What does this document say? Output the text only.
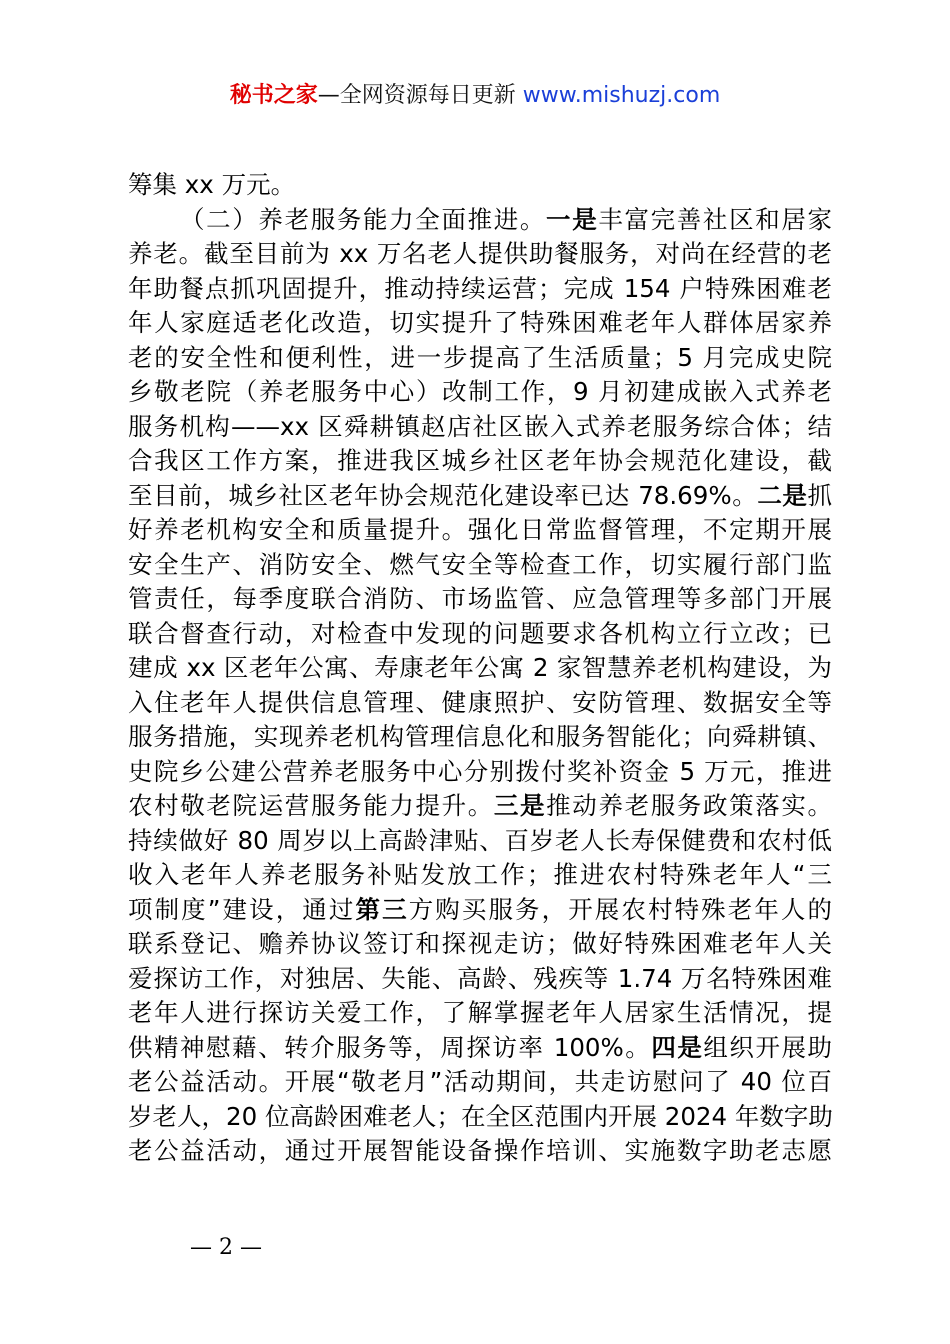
秘书之家—全网资源每日更新 www.mishuzj.com
筹集 xx 万元。
（二）养老服务能力全面推进。一是丰富完善社区和居家
养老。截至目前为 xx 万名老人提供助餐服务，对尚在经营的老
年助餐点抓巩固提升，推动持续运营；完成 154 户特殊困难老
年人家庭适老化改造，切实提升了特殊困难老年人群体居家养
老的安全性和便利性，进一步提高了生活质量；5 月完成史院
乡敬老院（养老服务中心）改制工作，9 月初建成嵌入式养老
服务机构——xx 区舜耕镇赵店社区嵌入式养老服务综合体；结
合我区工作方案，推进我区城乡社区老年协会规范化建设，截
至目前，城乡社区老年协会规范化建设率已达 78.69%。二是抓
好养老机构安全和质量提升。强化日常监督管理，不定期开展
安全生产、消防安全、燃气安全等检查工作，切实履行部门监
管责任，每季度联合消防、市场监管、应急管理等多部门开展
联合督查行动，对检查中发现的问题要求各机构立行立改；已
建成 xx 区老年公寓、寿康老年公寓 2 家智慧养老机构建设，为
入住老年人提供信息管理、健康照护、安防管理、数据安全等
服务措施，实现养老机构管理信息化和服务智能化；向舜耕镇、
史院乡公建公营养老服务中心分别拨付奖补资金 5 万元，推进
农村敬老院运营服务能力提升。三是推动养老服务政策落实。
持续做好 80 周岁以上高龄津贴、百岁老人长寿保健费和农村低
收入老年人养老服务补贴发放工作；推进农村特殊老年人“三
项制度”建设，通过第三方购买服务，开展农村特殊老年人的
联系登记、赡养协议签订和探视走访；做好特殊困难老年人关
爱探访工作，对独居、失能、高龄、残疾等 1.74 万名特殊困难
老年人进行探访关爱工作，了解掌握老年人居家生活情况，提
供精神慰藉、转介服务等，周探访率 100%。四是组织开展助
老公益活动。开展“敬老月”活动期间，共走访慰问了 40 位百
岁老人，20 位高龄困难老人；在全区范围内开展 2024 年数字助
老公益活动，通过开展智能设备操作培训、实施数字助老志愿
— 2 —
